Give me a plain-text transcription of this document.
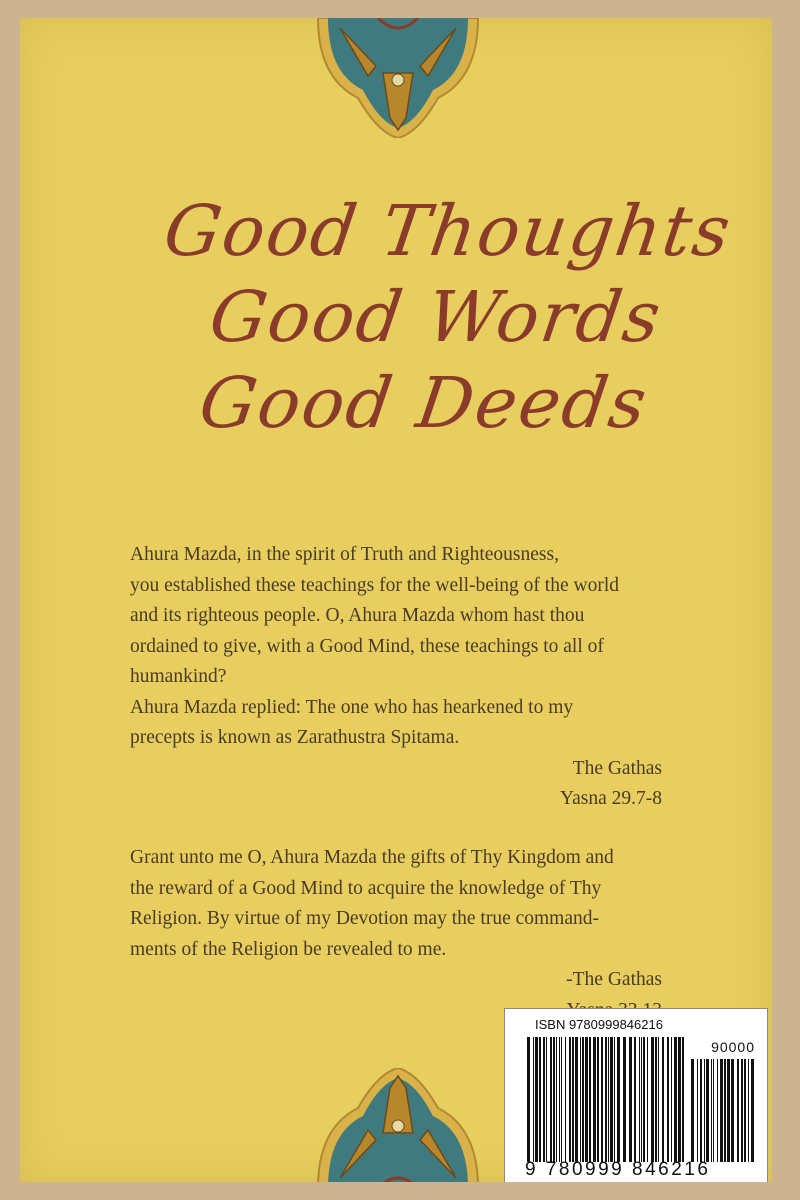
Good Thoughts
Good Words
Good Deeds

Ahura Mazda, in the spirit of Truth and Righteousness,

you established these teachings for the well-being of the world

and its righteous people. O, Ahura Mazda whom hast thou

ordained to give, with a Good Mind, these teachings to all of

humankind?

Ahura Mazda replied: The one who has hearkened to my

precepts is known as Zarathustra Spitama.

The Gathas

Yasna 29.7-8

Grant unto me O, Ahura Mazda the gifts of Thy Kingdom and

the reward of a Good Mind to acquire the knowledge of Thy

Religion. By virtue of my Devotion may the true command-

ments of the Religion be revealed to me.

-The Gathas

ISBN 9780999846216
90000
9 780999 846216
